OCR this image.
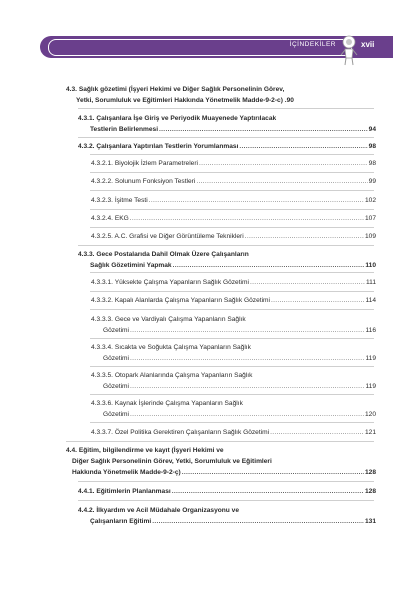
İÇİNDEKİLER	xvii
4.3. Sağlık gözetimi (İşyeri Hekimi ve Diğer Sağlık Personelinin Görev,
Yetki, Sorumluluk ve Eğitimleri Hakkında Yönetmelik Madde-9-2-c) .90
4.3.1. Çalışanlara İşe Giriş ve Periyodik Muayenede Yaptırılacak
Testlerin Belirlenmesi .....	94
4.3.2. Çalışanlara Yaptırılan Testlerin Yorumlanması .....	98
4.3.2.1. Biyolojik İzlem Parametreleri .....	98
4.3.2.2. Solunum Fonksiyon Testleri .....	99
4.3.2.3. İşitme Testi .....	102
4.3.2.4. EKG .....	107
4.3.2.5. A.C. Grafisi ve Diğer Görüntüleme Teknikleri .....	109
4.3.3. Gece Postalarıda Dahil Olmak Üzere Çalışanların
Sağlık Gözetimini Yapmak .....	110
4.3.3.1. Yüksekte Çalışma Yapanların Sağlık Gözetimi .....	111
4.3.3.2. Kapalı Alanlarda Çalışma Yapanların Sağlık Gözetimi .....	114
4.3.3.3. Gece ve Vardiyalı Çalışma Yapanların Sağlık
Gözetimi .....	116
4.3.3.4. Sıcakta ve Soğukta Çalışma Yapanların Sağlık
Gözetimi .....	119
4.3.3.5. Otopark Alanlarında Çalışma Yapanların Sağlık
Gözetimi .....	119
4.3.3.6. Kaynak İşlerinde Çalışma Yapanların Sağlık
Gözetimi .....	120
4.3.3.7. Özel Politika Gerektiren Çalışanların Sağlık Gözetimi .....	121
4.4. Eğitim, bilgilendirme ve kayıt (İşyeri Hekimi ve
Diğer Sağlık Personelinin Görev, Yetki, Sorumluluk ve Eğitimleri
Hakkında Yönetmelik Madde-9-2-ç) .....	128
4.4.1. Eğitimlerin Planlanması .....	128
4.4.2. İlkyardım ve Acil Müdahale Organizasyonu ve
Çalışanların Eğitimi .....	131
